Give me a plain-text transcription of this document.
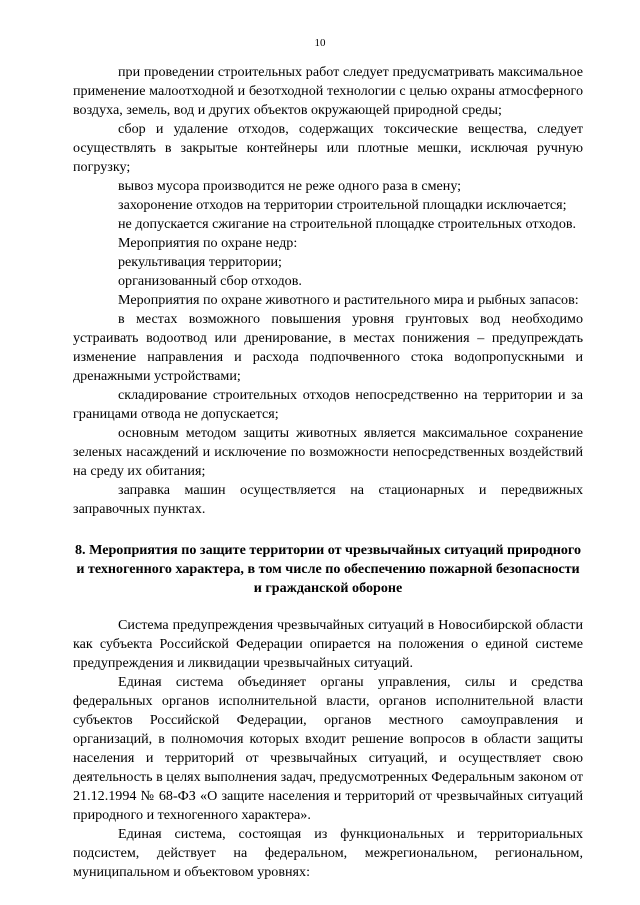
10

при проведении строительных работ следует предусматривать максимальное применение малоотходной и безотходной технологии с целью охраны атмосферного воздуха, земель, вод и других объектов окружающей природной среды;

сбор и удаление отходов, содержащих токсические вещества, следует осуществлять в закрытые контейнеры или плотные мешки, исключая ручную погрузку;

вывоз мусора производится не реже одного раза в смену;

захоронение отходов на территории строительной площадки исключается;

не допускается сжигание на строительной площадке строительных отходов.

Мероприятия по охране недр:

рекультивация территории;

организованный сбор отходов.

Мероприятия по охране животного и растительного мира и рыбных запасов:

в местах возможного повышения уровня грунтовых вод необходимо устраивать водоотвод или дренирование, в местах понижения – предупреждать изменение направления и расхода подпочвенного стока водопропускными и дренажными устройствами;

складирование строительных отходов непосредственно на территории и за границами отвода не допускается;

основным методом защиты животных является максимальное сохранение зеленых насаждений и исключение по возможности непосредственных воздействий на среду их обитания;

заправка машин осуществляется на стационарных и передвижных заправочных пунктах.

8. Мероприятия по защите территории от чрезвычайных ситуаций природного и техногенного характера, в том числе по обеспечению пожарной безопасности и гражданской обороне

Система предупреждения чрезвычайных ситуаций в Новосибирской области как субъекта Российской Федерации опирается на положения о единой системе предупреждения и ликвидации чрезвычайных ситуаций.

Единая система объединяет органы управления, силы и средства федеральных органов исполнительной власти, органов исполнительной власти субъектов Российской Федерации, органов местного самоуправления и организаций, в полномочия которых входит решение вопросов в области защиты населения и территорий от чрезвычайных ситуаций, и осуществляет свою деятельность в целях выполнения задач, предусмотренных Федеральным законом от 21.12.1994 № 68-ФЗ «О защите населения и территорий от чрезвычайных ситуаций природного и техногенного характера».

Единая система, состоящая из функциональных и территориальных подсистем, действует на федеральном, межрегиональном, региональном, муниципальном и объектовом уровнях:
